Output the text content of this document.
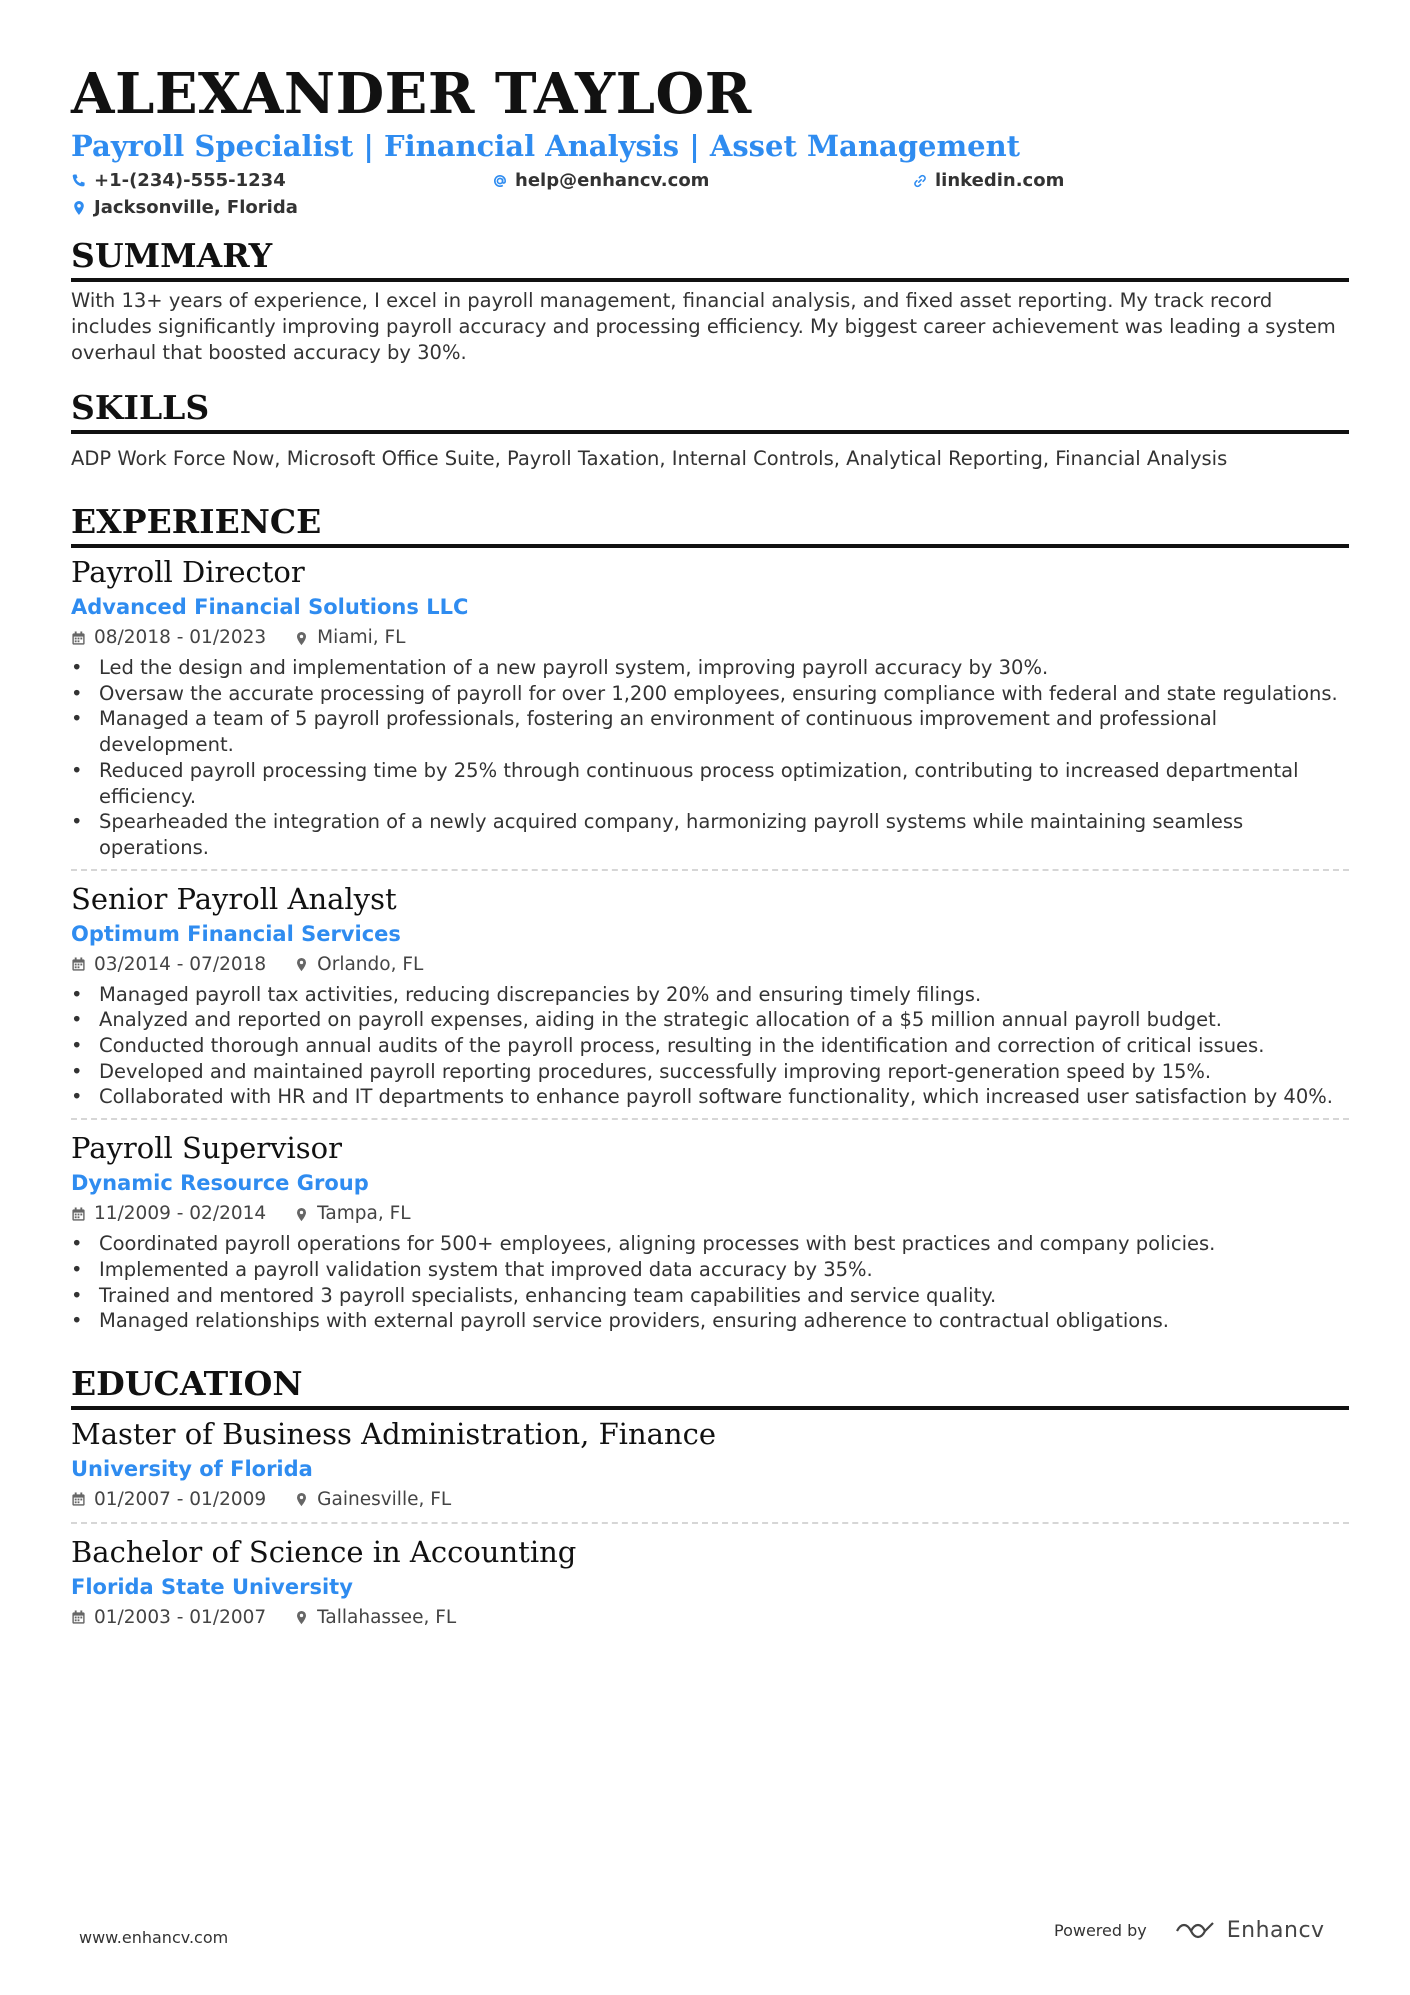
ALEXANDER TAYLOR
Payroll Specialist | Financial Analysis | Asset Management
+1-(234)-555-1234	help@enhancv.com	linkedin.com
Jacksonville, Florida
SUMMARY
With 13+ years of experience, I excel in payroll management, financial analysis, and fixed asset reporting. My track record includes significantly improving payroll accuracy and processing efficiency. My biggest career achievement was leading a system overhaul that boosted accuracy by 30%.
SKILLS
ADP Work Force Now, Microsoft Office Suite, Payroll Taxation, Internal Controls, Analytical Reporting, Financial Analysis
EXPERIENCE
Payroll Director
Advanced Financial Solutions LLC
08/2018 - 01/2023	Miami, FL
• Led the design and implementation of a new payroll system, improving payroll accuracy by 30%.
• Oversaw the accurate processing of payroll for over 1,200 employees, ensuring compliance with federal and state regulations.
• Managed a team of 5 payroll professionals, fostering an environment of continuous improvement and professional development.
• Reduced payroll processing time by 25% through continuous process optimization, contributing to increased departmental efficiency.
• Spearheaded the integration of a newly acquired company, harmonizing payroll systems while maintaining seamless operations.
Senior Payroll Analyst
Optimum Financial Services
03/2014 - 07/2018	Orlando, FL
• Managed payroll tax activities, reducing discrepancies by 20% and ensuring timely filings.
• Analyzed and reported on payroll expenses, aiding in the strategic allocation of a $5 million annual payroll budget.
• Conducted thorough annual audits of the payroll process, resulting in the identification and correction of critical issues.
• Developed and maintained payroll reporting procedures, successfully improving report-generation speed by 15%.
• Collaborated with HR and IT departments to enhance payroll software functionality, which increased user satisfaction by 40%.
Payroll Supervisor
Dynamic Resource Group
11/2009 - 02/2014	Tampa, FL
• Coordinated payroll operations for 500+ employees, aligning processes with best practices and company policies.
• Implemented a payroll validation system that improved data accuracy by 35%.
• Trained and mentored 3 payroll specialists, enhancing team capabilities and service quality.
• Managed relationships with external payroll service providers, ensuring adherence to contractual obligations.
EDUCATION
Master of Business Administration, Finance
University of Florida
01/2007 - 01/2009	Gainesville, FL
Bachelor of Science in Accounting
Florida State University
01/2003 - 01/2007	Tallahassee, FL
www.enhancv.com	Powered by	Enhancv
